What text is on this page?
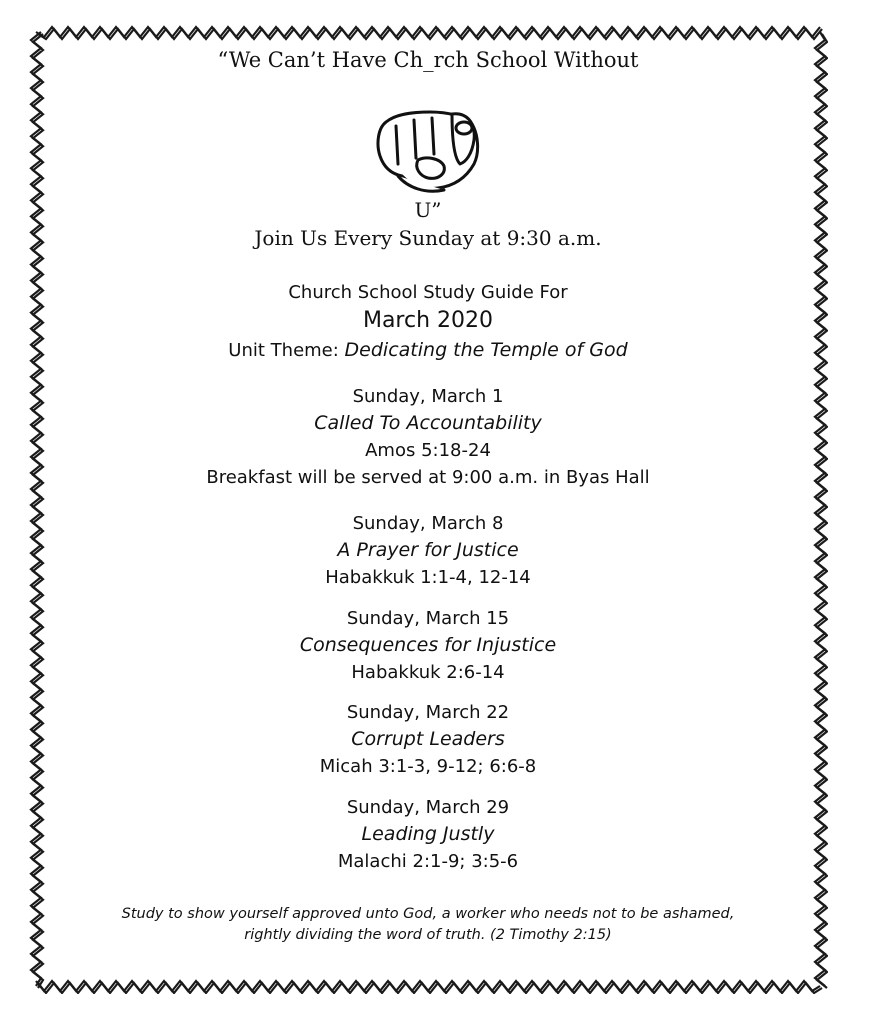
“We Can’t Have Ch_rch School Without
U”
Join Us Every Sunday at 9:30 a.m.
Church School Study Guide For
March 2020
Unit Theme: Dedicating the Temple of God
Sunday, March 1
Called To Accountability
Amos 5:18-24
Breakfast will be served at 9:00 a.m. in Byas Hall
Sunday, March 8
A Prayer for Justice
Habakkuk 1:1-4, 12-14
Sunday, March 15
Consequences for Injustice
Habakkuk 2:6-14
Sunday, March 22
Corrupt Leaders
Micah 3:1-3, 9-12; 6:6-8
Sunday, March 29
Leading Justly
Malachi 2:1-9; 3:5-6
Study to show yourself approved unto God, a worker who needs not to be ashamed,
rightly dividing the word of truth. (2 Timothy 2:15)
